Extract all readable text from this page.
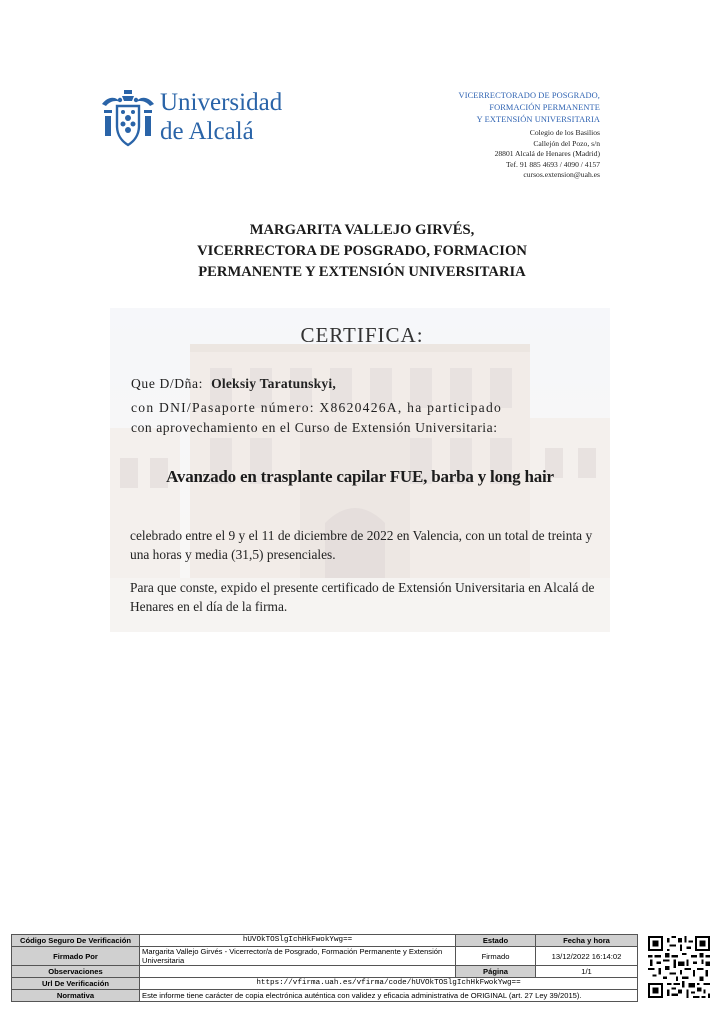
Universidad
de Alcalá
VICERRECTORADO DE POSGRADO,
FORMACIÓN PERMANENTE
Y EXTENSIÓN UNIVERSITARIA
Colegio de los Basilios
Callejón del Pozo, s/n
28801 Alcalá de Henares (Madrid)
Tef. 91 885 4693 / 4090 / 4157
cursos.extension@uah.es
MARGARITA VALLEJO GIRVÉS,
VICERRECTORA DE POSGRADO, FORMACION
PERMANENTE Y EXTENSIÓN UNIVERSITARIA
CERTIFICA:
Que D/Dña: Oleksiy Taratunskyi,
con DNI/Pasaporte número: X8620426A, ha participado
con aprovechamiento en el Curso de Extensión Universitaria:
Avanzado en trasplante capilar FUE, barba y long hair
celebrado entre el 9 y el 11 de diciembre de 2022 en Valencia, con un total de treinta y una horas y media (31,5) presenciales.
Para que conste, expido el presente certificado de Extensión Universitaria en Alcalá de Henares en el día de la firma.
Código Seguro De Verificación	hUVOkTOSlgIchHkFwokYwg==	Estado	Fecha y hora
Firmado Por	Margarita Vallejo Girvés - Vicerrector/a de Posgrado, Formación Permanente y Extensión Universitaria	Firmado	13/12/2022 16:14:02
Observaciones		Página	1/1
Url De Verificación	https://vfirma.uah.es/vfirma/code/hUVOkTOSlgIchHkFwokYwg==		
Normativa	Este informe tiene carácter de copia electrónica auténtica con validez y eficacia administrativa de ORIGINAL (art. 27 Ley 39/2015).		
